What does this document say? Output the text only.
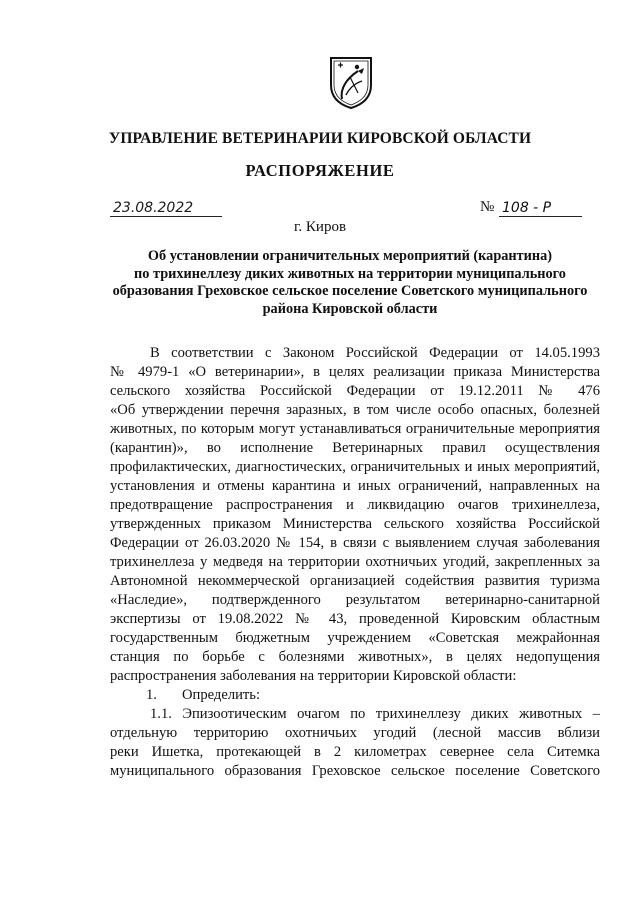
УПРАВЛЕНИЕ ВЕТЕРИНАРИИ КИРОВСКОЙ ОБЛАСТИ
РАСПОРЯЖЕНИЕ
23.08.2022	№ 108 - Р
г. Киров
Об установлении ограничительных мероприятий (карантина)
по трихинеллезу диких животных на территории муниципального
образования Греховское сельское поселение Советского муниципального
района Кировской области
В соответствии с Законом Российской Федерации от 14.05.1993
№ 4979-1 «О ветеринарии», в целях реализации приказа Министерства
сельского хозяйства Российской Федерации от 19.12.2011 № 476
«Об утверждении перечня заразных, в том числе особо опасных, болезней
животных, по которым могут устанавливаться ограничительные мероприятия
(карантин)», во исполнение Ветеринарных правил осуществления
профилактических, диагностических, ограничительных и иных мероприятий,
установления и отмены карантина и иных ограничений, направленных на
предотвращение распространения и ликвидацию очагов трихинеллеза,
утвержденных приказом Министерства сельского хозяйства Российской
Федерации от 26.03.2020 № 154, в связи с выявлением случая заболевания
трихинеллеза у медведя на территории охотничьих угодий, закрепленных за
Автономной некоммерческой организацией содействия развития туризма
«Наследие», подтвержденного результатом ветеринарно-санитарной
экспертизы от 19.08.2022 № 43, проведенной Кировским областным
государственным бюджетным учреждением «Советская межрайонная
станция по борьбе с болезнями животных», в целях недопущения
распространения заболевания на территории Кировской области:
1. Определить:
1.1. Эпизоотическим очагом по трихинеллезу диких животных –
отдельную территорию охотничьих угодий (лесной массив вблизи
реки Ишетка, протекающей в 2 километрах севернее села Ситемка
муниципального образования Греховское сельское поселение Советского
